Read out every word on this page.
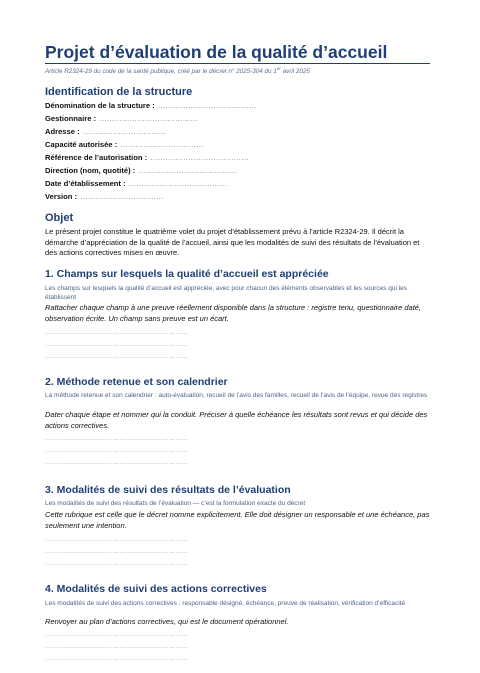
Projet d’évaluation de la qualité d’accueil
Article R2324-29 du code de la santé publique, créé par le décret n° 2025-304 du 1er avril 2025
Identification de la structure
Dénomination de la structure : …………………………………
Gestionnaire : …………………………………
Adresse : ……………………………
Capacité autorisée : ……………………………
Référence de l’autorisation : …………………………………
Direction (nom, quotité) : …………………………………
Date d’établissement : …………………………………
Version : ……………………………
Objet
Le présent projet constitue le quatrième volet du projet d’établissement prévu à l’article R2324-29. Il décrit la démarche d’appréciation de la qualité de l’accueil, ainsi que les modalités de suivi des résultats de l’évaluation et des actions correctives mises en œuvre.
1. Champs sur lesquels la qualité d’accueil est appréciée
Les champs sur lesquels la qualité d’accueil est appréciée, avec pour chacun des éléments observables et les sources qui les établissent
Rattacher chaque champ à une preuve réellement disponible dans la structure : registre tenu, questionnaire daté, observation écrite. Un champ sans preuve est un écart.
……………………………………………………………
……………………………………………………………
……………………………………………………………
2. Méthode retenue et son calendrier
La méthode retenue et son calendrier : auto-évaluation, recueil de l’avis des familles, recueil de l’avis de l’équipe, revue des registres
Dater chaque étape et nommer qui la conduit. Préciser à quelle échéance les résultats sont revus et qui décide des actions correctives.
……………………………………………………………
……………………………………………………………
……………………………………………………………
3. Modalités de suivi des résultats de l’évaluation
Les modalités de suivi des résultats de l’évaluation — c’est la formulation exacte du décret
Cette rubrique est celle que le décret nomme explicitement. Elle doit désigner un responsable et une échéance, pas seulement une intention.
……………………………………………………………
……………………………………………………………
……………………………………………………………
4. Modalités de suivi des actions correctives
Les modalités de suivi des actions correctives : responsable désigné, échéance, preuve de réalisation, vérification d’efficacité
Renvoyer au plan d’actions correctives, qui est le document opérationnel.
……………………………………………………………
……………………………………………………………
……………………………………………………………
